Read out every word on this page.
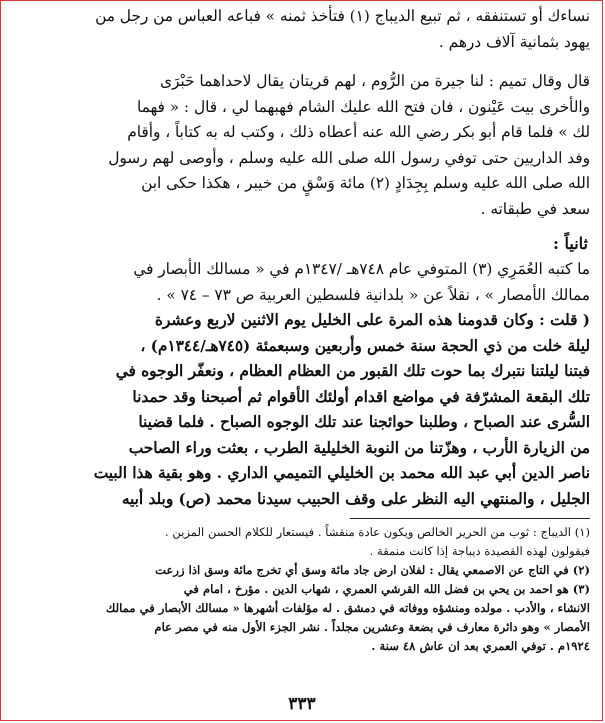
نساءك أو تستنفقه ، ثم تبيع الديباج (١) فتأخذ ثمنه » فباعه العباس من رجل من
يهود بثمانية آلاف درهم .
قال وقال تميم : لنا جيرة من الرُّوم ، لهم قريتان يقال لاحداهما حَبْرَى
والأخرى بيت عَيْنون ، فان فتح الله عليك الشام فهبهما لي ، قال : « فهما
لك » فلما قام أبو بكر رضي الله عنه أعطاه ذلك ، وكتب له به كتاباً ، وأقام
وفد الداريين حتى توفي رسول الله صلى الله عليه وسلم ، وأوصى لهم رسول
الله صلى الله عليه وسلم بِجِدَادٍ (٢) مائة وَسْقٍ من خيبر ، هكذا حكى ابن
سعد في طبقاته .
ثانياً :
ما كتبه العُمَرِي (٣) المتوفي عام ٧٤٨هـ /١٣٤٧م في « مسالك الأبصار في
ممالك الأمصار » ، نقلاً عن « بلدانية فلسطين العربية ص ٧٣ – ٧٤ » .
( قلت : وكان قدومنا هذه المرة على الخليل يوم الاثنين لاربع وعشرة
ليلة خلت من ذي الحجة سنة خمس وأربعين وسبعمئة (٧٤٥هـ/١٣٤٤م) ،
فبتنا ليلتنا نتبرك بما حوت تلك القبور من العظام العظام ، ونعفّر الوجوه في
تلك البقعة المشرّفة في مواضع اقدام أولئك الأقوام ثم أصبحنا وقد حمدنا
السُّرى عند الصباح ، وطلبنا حوائجنا عند تلك الوجوه الصباح . فلما قضينا
من الزيارة الأرب ، وهزّتنا من النوبة الخليلية الطرب ، بعثت وراء الصاحب
ناصر الدين أبي عبد الله محمد بن الخليلي التميمي الداري . وهو بقية هذا البيت
الجليل ، والمنتهي اليه النظر على وقف الحبيب سيدنا محمد (ص) وبلد أبيه
(١) الديباج : ثوب من الحرير الخالص ويكون عادة منقشاً . فيستعار للكلام الحسن المزين .
فيقولون لهذه القصيدة ديباجة إذا كانت منمقة .
(٢) في التاج عن الاصمعي يقال : لفلان ارض جاد مائة وسق أي تخرج مائة وسق اذا زرعت
(٣) هو احمد بن يحي بن فضل الله القرشي العمري ، شهاب الدين . مؤرخ ، امام في
الانشاء ، والأدب . مولده ومنشؤه ووفاته في دمشق . له مؤلفات أشهرها « مسالك الأبصار في ممالك
الأمصار » وهو دائرة معارف في بضعة وعشرين مجلداً . نشر الجزء الأول منه في مصر عام
١٩٢٤م . توفي العمري بعد ان عاش ٤٨ سنة .
٣٣٣
